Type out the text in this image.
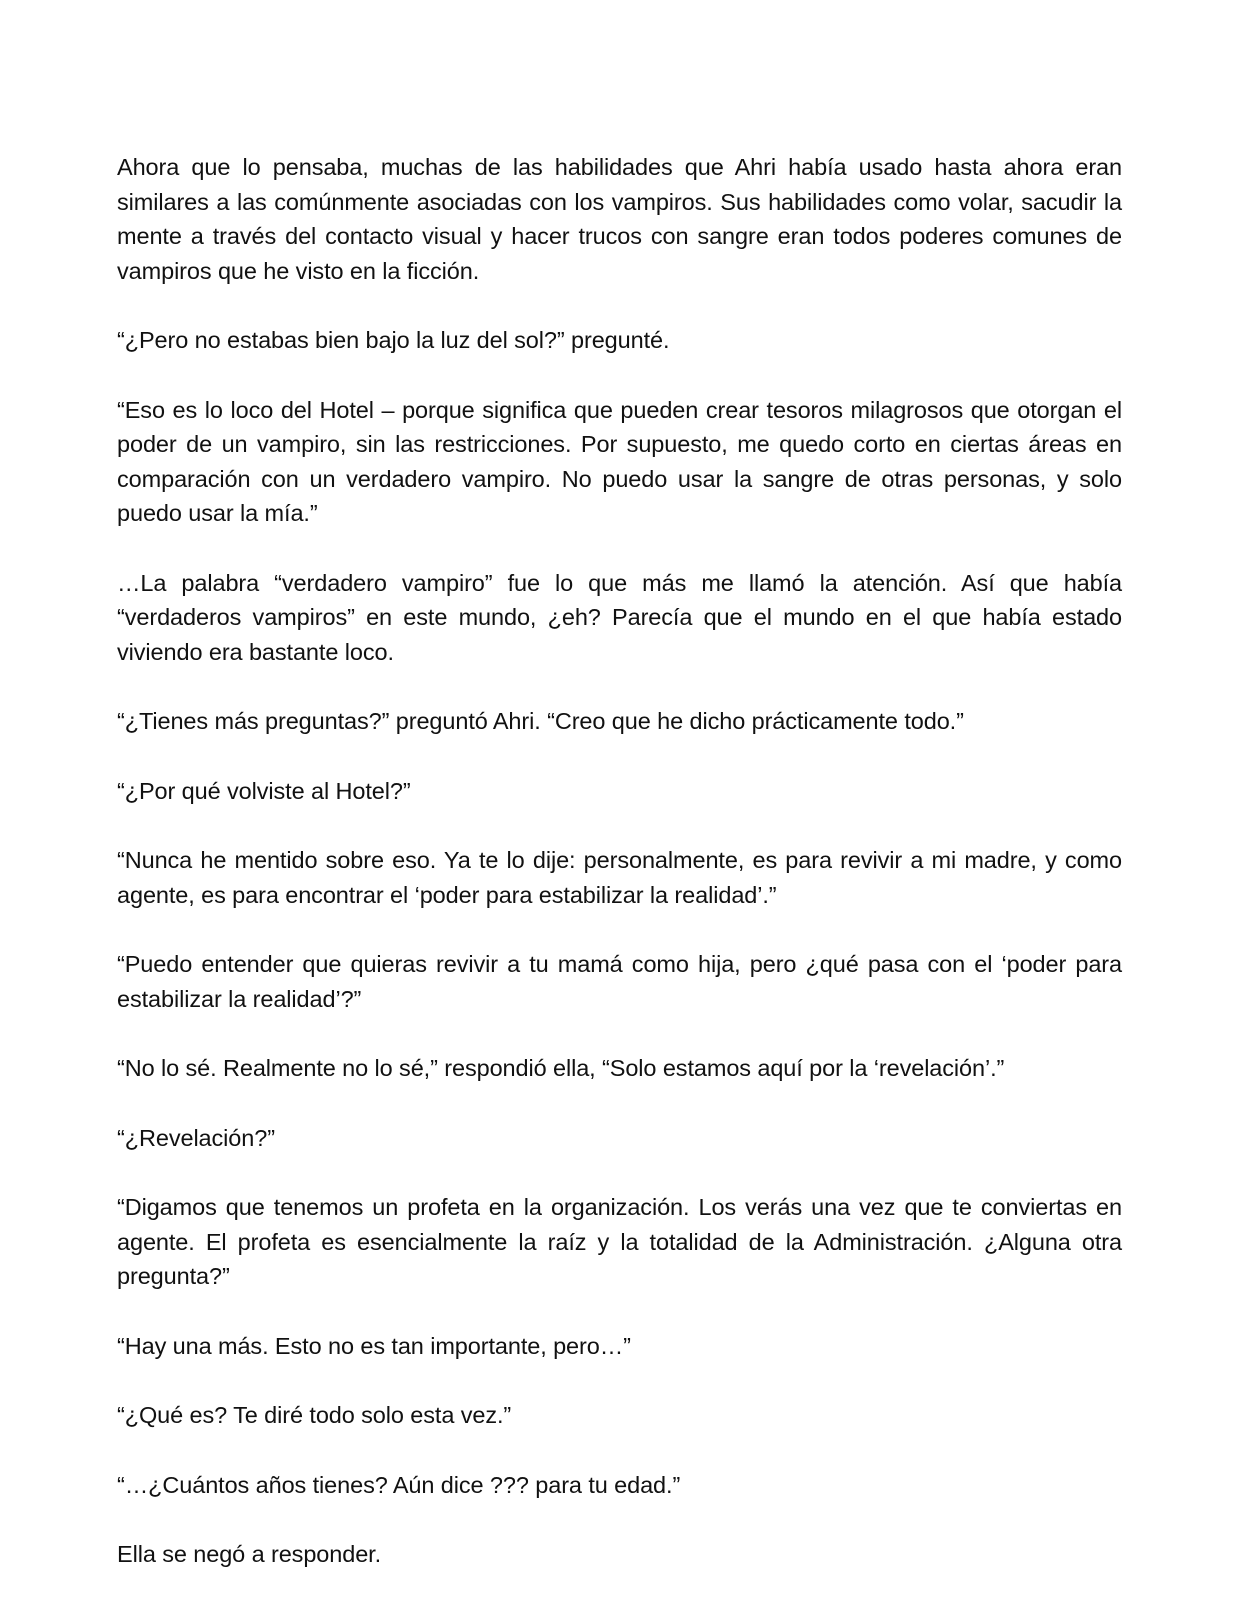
Ahora que lo pensaba, muchas de las habilidades que Ahri había usado hasta ahora eran similares a las comúnmente asociadas con los vampiros. Sus habilidades como volar, sacudir la mente a través del contacto visual y hacer trucos con sangre eran todos poderes comunes de vampiros que he visto en la ficción.

“¿Pero no estabas bien bajo la luz del sol?” pregunté.

“Eso es lo loco del Hotel – porque significa que pueden crear tesoros milagrosos que otorgan el poder de un vampiro, sin las restricciones. Por supuesto, me quedo corto en ciertas áreas en comparación con un verdadero vampiro. No puedo usar la sangre de otras personas, y solo puedo usar la mía.”

…La palabra “verdadero vampiro” fue lo que más me llamó la atención. Así que había “verdaderos vampiros” en este mundo, ¿eh? Parecía que el mundo en el que había estado viviendo era bastante loco.

“¿Tienes más preguntas?” preguntó Ahri. “Creo que he dicho prácticamente todo.”

“¿Por qué volviste al Hotel?”

“Nunca he mentido sobre eso. Ya te lo dije: personalmente, es para revivir a mi madre, y como agente, es para encontrar el ‘poder para estabilizar la realidad’.”

“Puedo entender que quieras revivir a tu mamá como hija, pero ¿qué pasa con el ‘poder para estabilizar la realidad’?”

“No lo sé. Realmente no lo sé,” respondió ella, “Solo estamos aquí por la ‘revelación’.”

“¿Revelación?”

“Digamos que tenemos un profeta en la organización. Los verás una vez que te conviertas en agente. El profeta es esencialmente la raíz y la totalidad de la Administración. ¿Alguna otra pregunta?”

“Hay una más. Esto no es tan importante, pero…”

“¿Qué es? Te diré todo solo esta vez.”

“…¿Cuántos años tienes? Aún dice ??? para tu edad.”

Ella se negó a responder.
